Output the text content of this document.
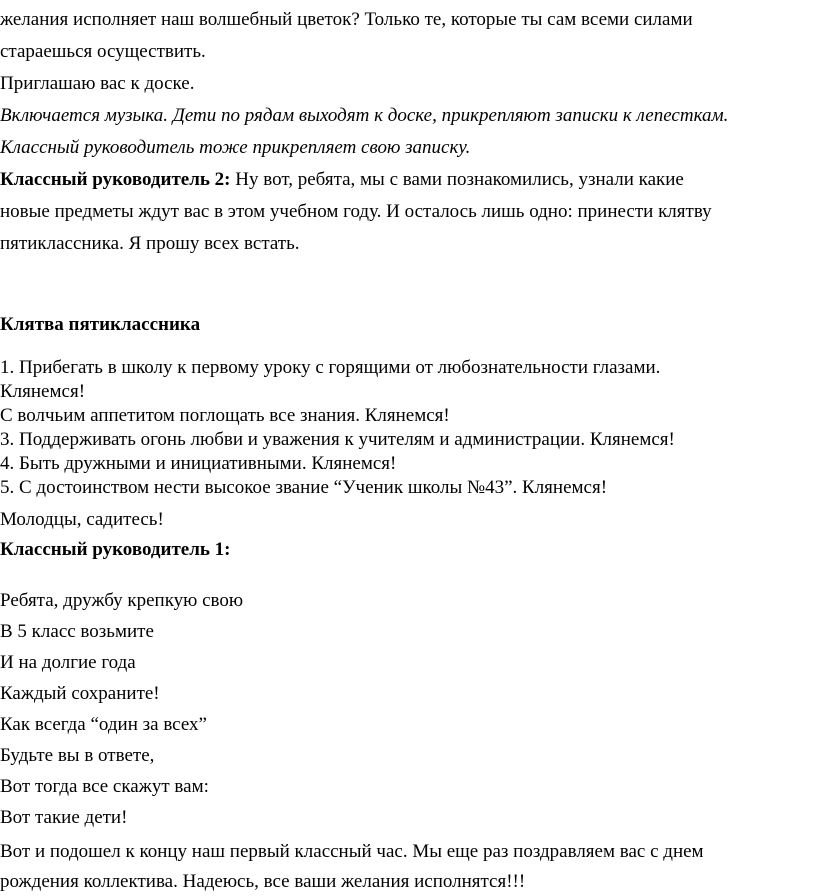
желания исполняет наш волшебный цветок? Только те, которые ты сам всеми силами
стараешься осуществить.
Приглашаю вас к доске.
Включается музыка. Дети по рядам выходят к доске, прикрепляют записки к лепесткам.
Классный руководитель тоже прикрепляет свою записку.
Классный руководитель 2: Ну вот, ребята, мы с вами познакомились, узнали какие
новые предметы ждут вас в этом учебном году. И осталось лишь одно: принести клятву
пятиклассника. Я прошу всех встать.
Клятва пятиклассника
1. Прибегать в школу к первому уроку с горящими от любознательности глазами.
Клянемся!
С волчьим аппетитом поглощать все знания. Клянемся!
3. Поддерживать огонь любви и уважения к учителям и администрации. Клянемся!
4. Быть дружными и инициативными. Клянемся!
5. С достоинством нести высокое звание “Ученик школы №43”. Клянемся!
Молодцы, садитесь!
Классный руководитель 1:
Ребята, дружбу крепкую свою
В 5 класс возьмите
И на долгие года
Каждый сохраните!
Как всегда “один за всех”
Будьте вы в ответе,
Вот тогда все скажут вам:
Вот такие дети!
Вот и подошел к концу наш первый классный час. Мы еще раз поздравляем вас с днем
рождения коллектива. Надеюсь, все ваши желания исполнятся!!!
